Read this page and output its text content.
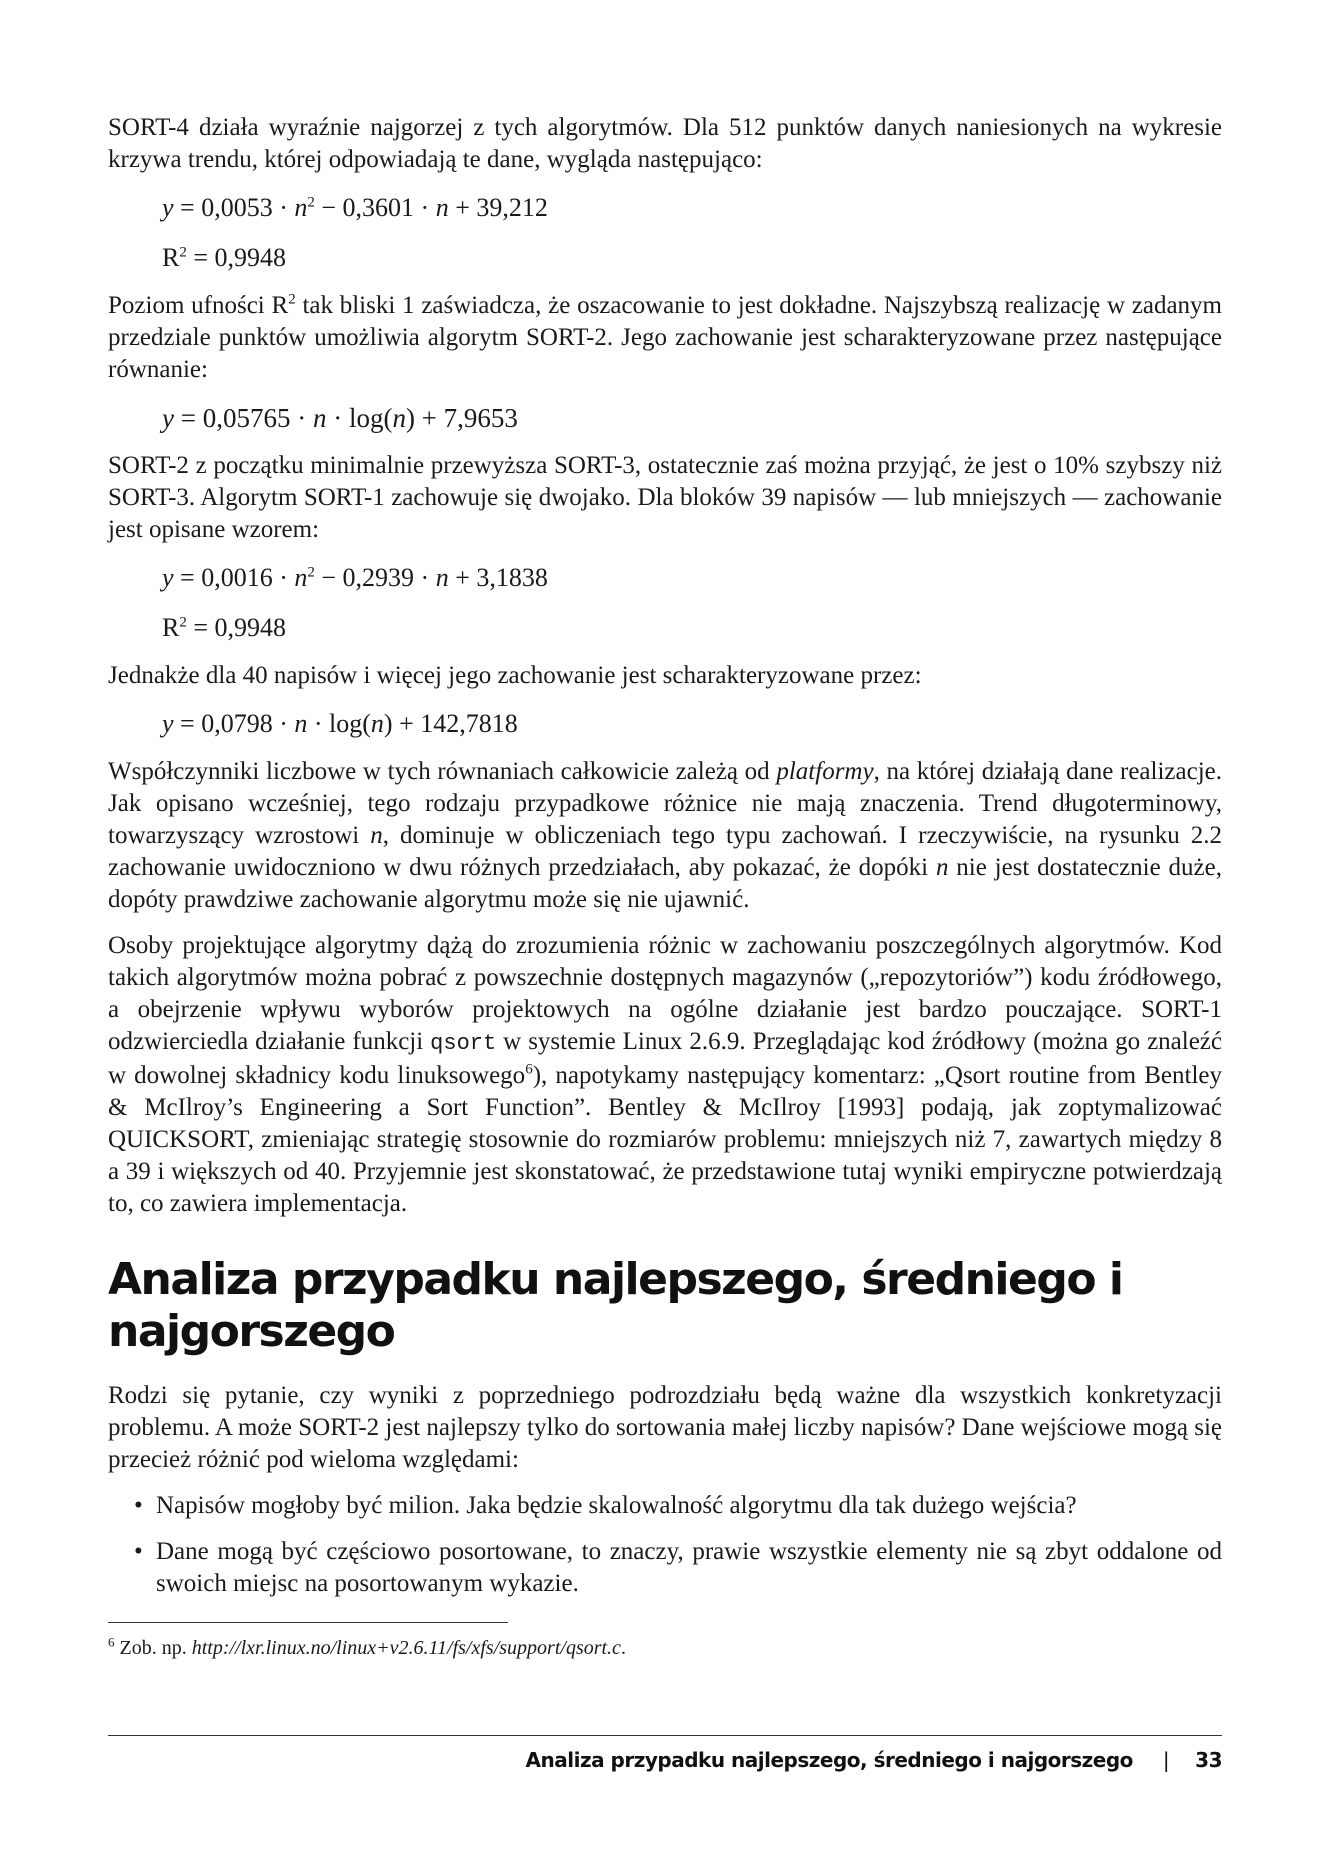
SORT-4 działa wyraźnie najgorzej z tych algorytmów. Dla 512 punktów danych naniesionych na wykresie krzywa trendu, której odpowiadają te dane, wygląda następująco:

$y = 0,0053 \cdot n^2 - 0,3601 \cdot n + 39,212$
$R^2 = 0,9948$

Poziom ufności $R^2$ tak bliski 1 zaświadcza, że oszacowanie to jest dokładne. Najszybszą realizację w zadanym przedziale punktów umożliwia algorytm SORT-2. Jego zachowanie jest scharakteryzowane przez następujące równanie:

y = 0,05765 · n · log(n) + 7,9653

SORT-2 z początku minimalnie przewyższa SORT-3, ostatecznie zaś można przyjąć, że jest o 10% szybszy niż SORT-3. Algorytm SORT-1 zachowuje się dwojako. Dla bloków 39 napisów — lub mniejszych — zachowanie jest opisane wzorem:

$y = 0,0016 \cdot n^2 - 0,2939 \cdot n + 3,1838$
$R^2 = 0,9948$

Jednakże dla 40 napisów i więcej jego zachowanie jest scharakteryzowane przez:

y = 0,0798 · n · log(n) + 142,7818

Współczynniki liczbowe w tych równaniach całkowicie zależą od platformy, na której działają dane realizacje. Jak opisano wcześniej, tego rodzaju przypadkowe różnice nie mają znaczenia. Trend długoterminowy, towarzyszący wzrostowi n, dominuje w obliczeniach tego typu zachowań. I rzeczywiście, na rysunku 2.2 zachowanie uwidoczniono w dwu różnych przedziałach, aby pokazać, że dopóki n nie jest dostatecznie duże, dopóty prawdziwe zachowanie algorytmu może się nie ujawnić.

Osoby projektujące algorytmy dążą do zrozumienia różnic w zachowaniu poszczególnych algorytmów. Kod takich algorytmów można pobrać z powszechnie dostępnych magazynów („repozytoriów”) kodu źródłowego, a obejrzenie wpływu wyborów projektowych na ogólne działanie jest bardzo pouczające. SORT-1 odzwierciedla działanie funkcji qsort w systemie Linux 2.6.9. Przeglądając kod źródłowy (można go znaleźć w dowolnej składnicy kodu linuksowego$^6$), napotykamy następujący komentarz: „Qsort routine from Bentley & McIlroy’s Engineering a Sort Function”. Bentley & McIlroy [1993] podają, jak zoptymalizować QUICKSORT, zmieniając strategię stosownie do rozmiarów problemu: mniejszych niż 7, zawartych między 8 a 39 i większych od 40. Przyjemnie jest skonstatować, że przedstawione tutaj wyniki empiryczne potwierdzają to, co zawiera implementacja.

Analiza przypadku najlepszego, średniego i najgorszego

Rodzi się pytanie, czy wyniki z poprzedniego podrozdziału będą ważne dla wszystkich konkretyzacji problemu. A może SORT-2 jest najlepszy tylko do sortowania małej liczby napisów? Dane wejściowe mogą się przecież różnić pod wieloma względami:

• Napisów mogłoby być milion. Jaka będzie skalowalność algorytmu dla tak dużego wejścia?
• Dane mogą być częściowo posortowane, to znaczy, prawie wszystkie elementy nie są zbyt oddalone od swoich miejsc na posortowanym wykazie.
$^6$ Zob. np. http://lxr.linux.no/linux+v2.6.11/fs/xfs/support/qsort.c.
Analiza przypadku najlepszego, średniego i najgorszego | 33
